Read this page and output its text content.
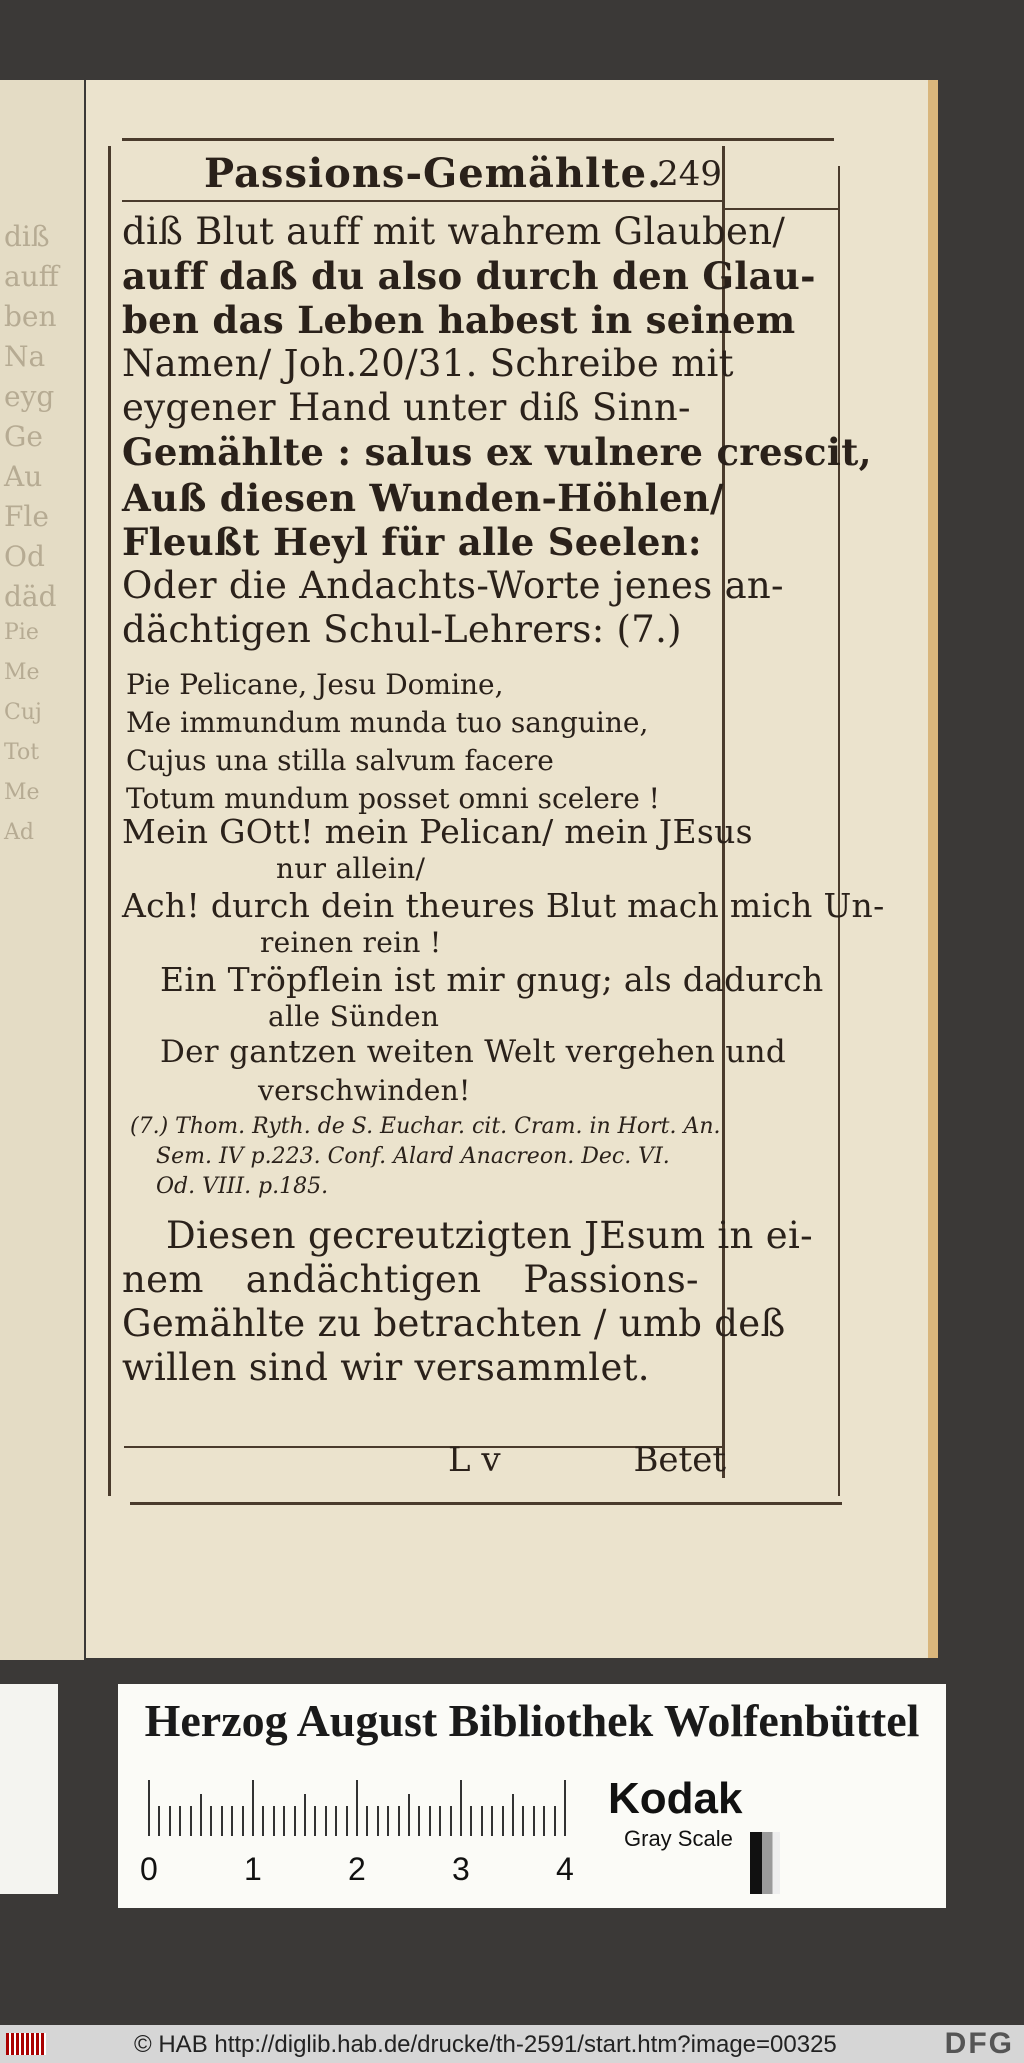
diß
auff
ben
Na
eyg
Ge
Au
Fle
Od
däd
Pie
Me
Cuj
Tot
Me
Ad
Passions-Gemählte.
249
diß Blut auff mit wahrem Glauben/
auff daß du also durch den Glau-
ben das Leben habest in seinem
Namen/ Joh.20/31. Schreibe mit
eygener Hand unter diß Sinn-
Gemählte : salus ex vulnere crescit,
Auß diesen Wunden-Höhlen/
Fleußt Heyl für alle Seelen:
Oder die Andachts-Worte jenes an-
dächtigen Schul-Lehrers: (7.)
Pie Pelicane, Jesu Domine,
Me immundum munda tuo sanguine,
Cujus una stilla salvum facere
Totum mundum posset omni scelere !
Mein GOtt! mein Pelican/ mein JEsus
nur allein/
Ach! durch dein theures Blut mach mich Un-
reinen rein !
Ein Tröpflein ist mir gnug; als dadurch
alle Sünden
Der gantzen weiten Welt vergehen und
verschwinden!
(7.) Thom. Ryth. de S. Euchar. cit. Cram. in Hort. An.
Sem. IV p.223. Conf. Alard Anacreon. Dec. VI.
Od. VIII. p.185.
Diesen gecreutzigten JEsum in ei-
nem andächtigen Passions-
Gemählte zu betrachten / umb deß
willen sind wir versammlet.
L v	Betet
Herzog August Bibliothek Wolfenbüttel
0	1	2	3	4
Kodak
Gray Scale
© HAB http://diglib.hab.de/drucke/th-2591/start.htm?image=00325	DFG
